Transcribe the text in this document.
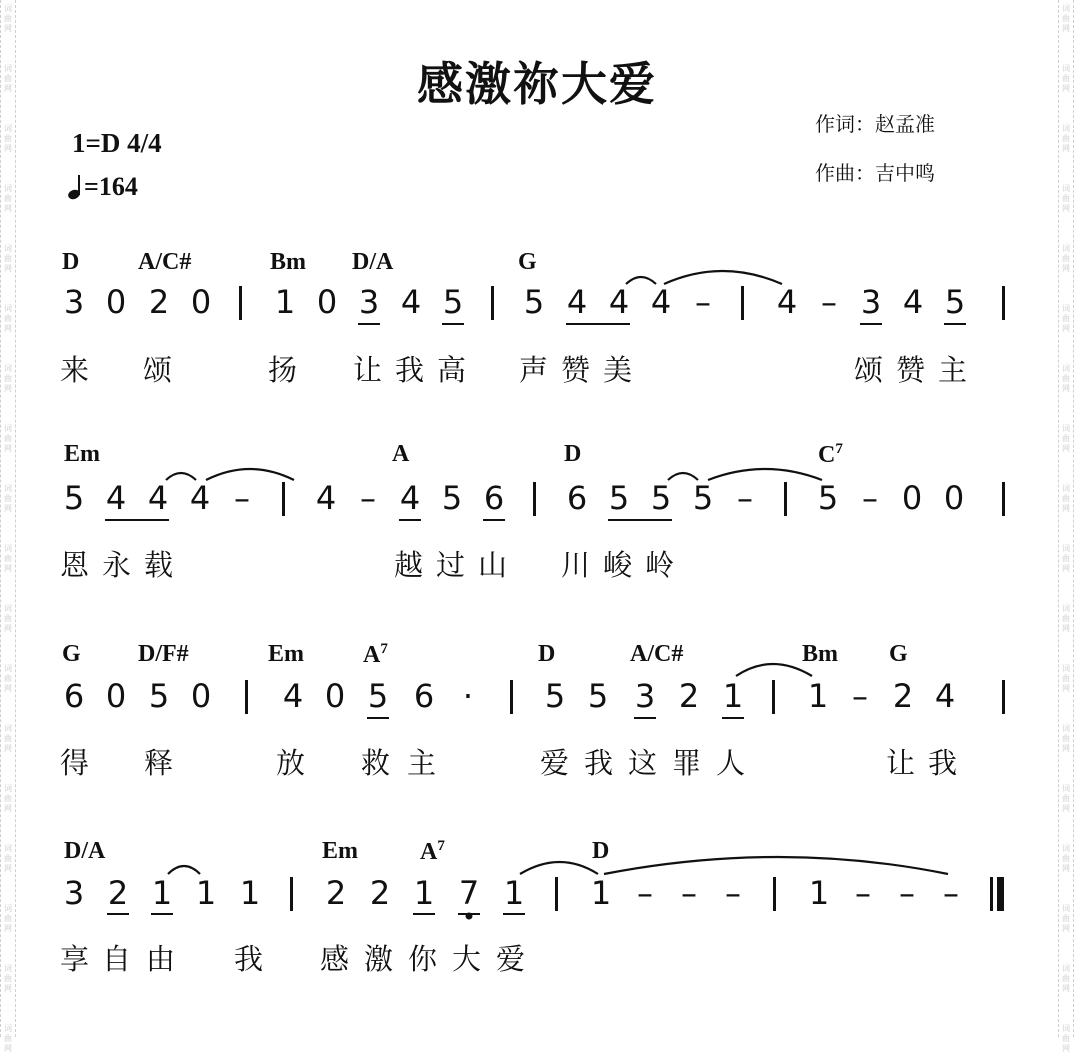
词
曲
网
词
曲
网
词
曲
网
词
曲
网
词
曲
网
词
曲
网
词
曲
网
词
曲
网
词
曲
网
词
曲
网
词
曲
网
词
曲
网
词
曲
网
词
曲
网
词
曲
网
词
曲
网
词
曲
网
词
曲
网
词
曲
网
词
曲
网
词
曲
网
词
曲
网
词
曲
网
词
曲
网
词
曲
网
词
曲
网
词
曲
网
词
曲
网
词
曲
网
词
曲
网
词
曲
网
词
曲
网
词
曲
网
词
曲
网
词
曲
网
词
曲
网
感激祢大爱
作词：赵孟准
作曲：吉中鸣
1=D 4/4
=164
D A/C#	Bm D/A	G
3 0 2 0 1 0 3 4 5 5 4 4 4 – 4 – 3 4 5
来 颂	扬 让 我 高 声 赞 美	颂 赞 主
Em	A	D	$C^7$
5 4 4 4 – 4 – 4 5 6 6 5 5 5 – 5 – 0 0
恩 永 载	越 过 山 川 峻 岭
G D/F#	Em $A^7$	D	A/C#	Bm G
6 0 5 0 4 0 5 6 · 5 5 3 2 1 1 – 2 4
得 释	放 救 主	爱 我 这 罪 人	让 我
D/A	Em	$A^7$	D
3 2 1 1 1 2 2 1 7 1 1 – – – 1 – – –
享 自 由 我 感 激 你 大 爱
